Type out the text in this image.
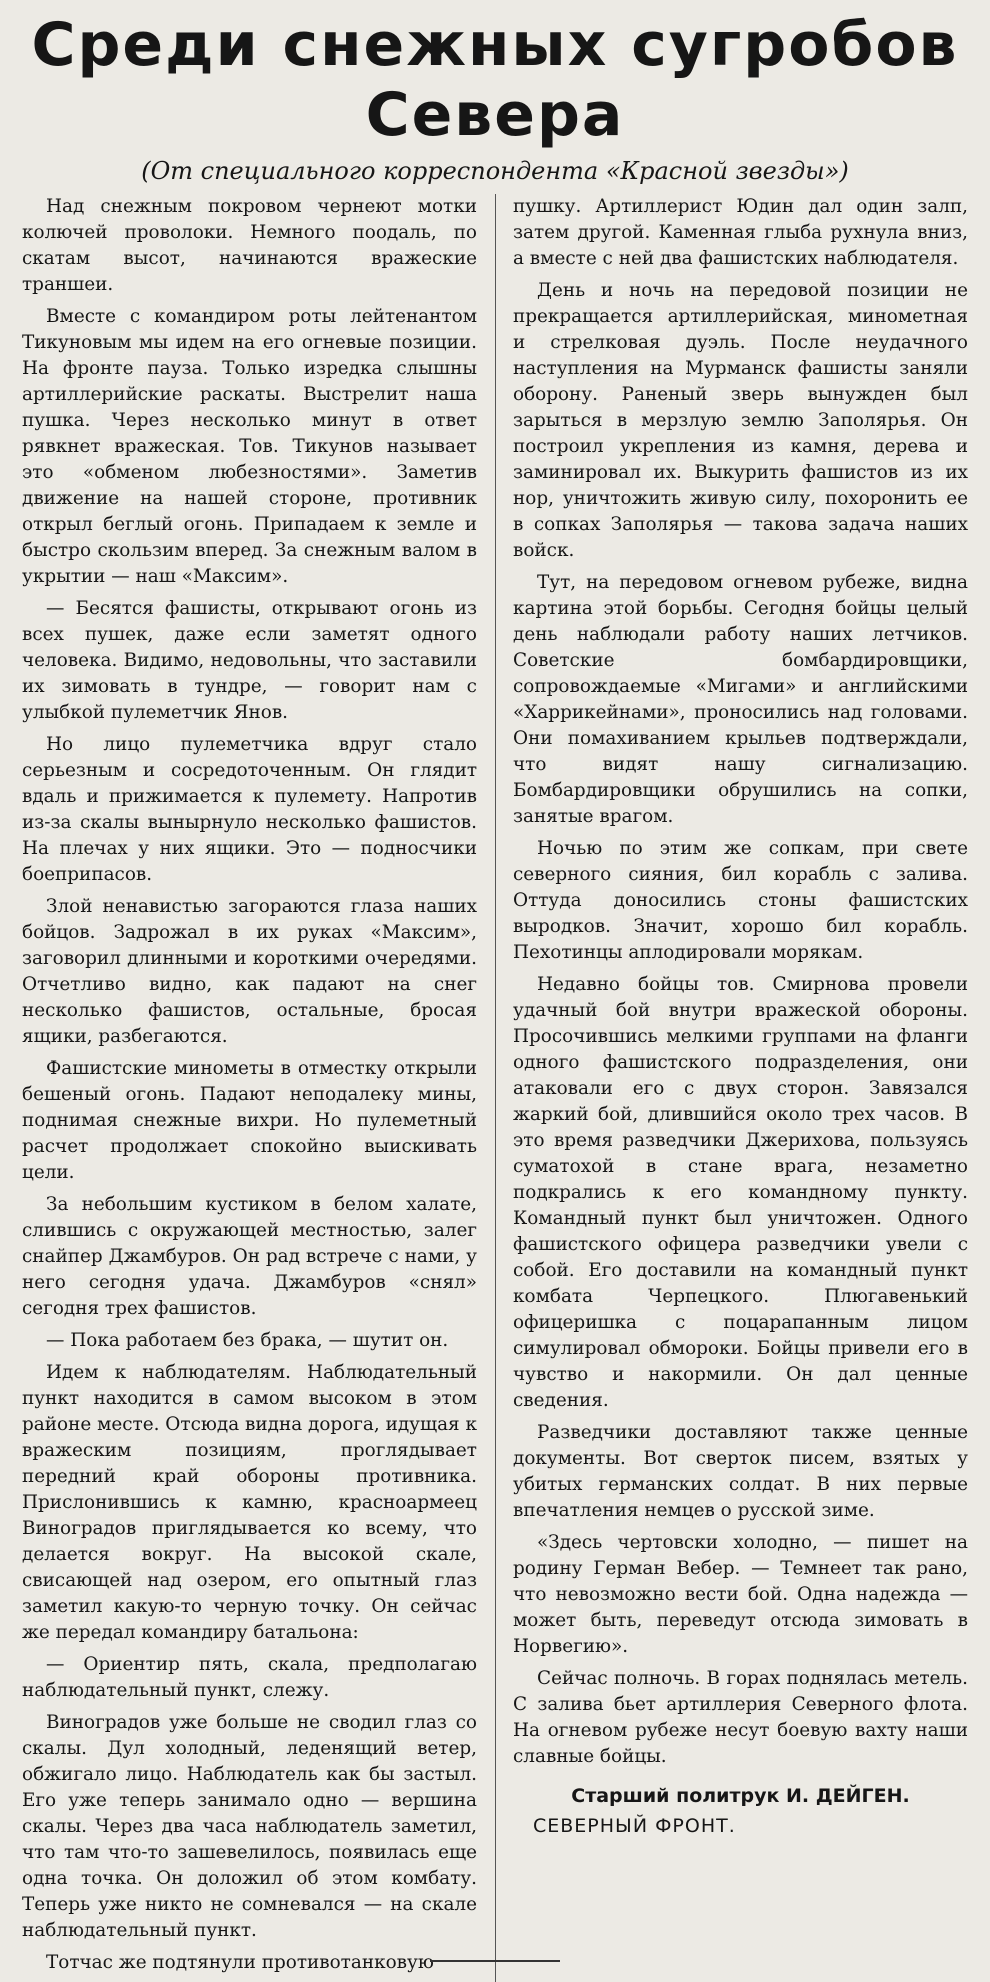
Среди снежных сугробов
Севера
(От специального корреспондента «Красной звезды»)

Над снежным покровом чернеют мотки колючей проволоки. Немного поодаль, по скатам высот, начинаются вражеские траншеи.

Вместе с командиром роты лейтенантом Тикуновым мы идем на его огневые позиции. На фронте пауза. Только изредка слышны артиллерийские раскаты. Выстрелит наша пушка. Через несколько минут в ответ рявкнет вражеская. Тов. Тикунов называет это «обменом любезностями». Заметив движение на нашей стороне, противник открыл беглый огонь. Припадаем к земле и быстро скользим вперед. За снежным валом в укрытии — наш «Максим».

— Бесятся фашисты, открывают огонь из всех пушек, даже если заметят одного человека. Видимо, недовольны, что заставили их зимовать в тундре, — говорит нам с улыбкой пулеметчик Янов.

Но лицо пулеметчика вдруг стало серьезным и сосредоточенным. Он глядит вдаль и прижимается к пулемету. Напротив из-за скалы вынырнуло несколько фашистов. На плечах у них ящики. Это — подносчики боеприпасов.

Злой ненавистью загораются глаза наших бойцов. Задрожал в их руках «Максим», заговорил длинными и короткими очередями. Отчетливо видно, как падают на снег несколько фашистов, остальные, бросая ящики, разбегаются.

Фашистские минометы в отместку открыли бешеный огонь. Падают неподалеку мины, поднимая снежные вихри. Но пулеметный расчет продолжает спокойно выискивать цели.

За небольшим кустиком в белом халате, слившись с окружающей местностью, залег снайпер Джамбуров. Он рад встрече с нами, у него сегодня удача. Джамбуров «снял» сегодня трех фашистов.

— Пока работаем без брака, — шутит он.

Идем к наблюдателям. Наблюдательный пункт находится в самом высоком в этом районе месте. Отсюда видна дорога, идущая к вражеским позициям, проглядывает передний край обороны противника. Прислонившись к камню, красноармеец Виноградов приглядывается ко всему, что делается вокруг. На высокой скале, свисающей над озером, его опытный глаз заметил какую-то черную точку. Он сейчас же передал командиру батальона:

— Ориентир пять, скала, предполагаю наблюдательный пункт, слежу.

Виноградов уже больше не сводил глаз со скалы. Дул холодный, леденящий ветер, обжигало лицо. Наблюдатель как бы застыл. Его уже теперь занимало одно — вершина скалы. Через два часа наблюдатель заметил, что там что-то зашевелилось, появилась еще одна точка. Он доложил об этом комбату. Теперь уже никто не сомневался — на скале наблюдательный пункт.

Тотчас же подтянули противотанковую

пушку. Артиллерист Юдин дал один залп, затем другой. Каменная глыба рухнула вниз, а вместе с ней два фашистских наблюдателя.

День и ночь на передовой позиции не прекращается артиллерийская, минометная и стрелковая дуэль. После неудачного наступления на Мурманск фашисты заняли оборону. Раненый зверь вынужден был зарыться в мерзлую землю Заполярья. Он построил укрепления из камня, дерева и заминировал их. Выкурить фашистов из их нор, уничтожить живую силу, похоронить ее в сопках Заполярья — такова задача наших войск.

Тут, на передовом огневом рубеже, видна картина этой борьбы. Сегодня бойцы целый день наблюдали работу наших летчиков. Советские бомбардировщики, сопровождаемые «Мигами» и английскими «Харрикейнами», проносились над головами. Они помахиванием крыльев подтверждали, что видят нашу сигнализацию. Бомбардировщики обрушились на сопки, занятые врагом.

Ночью по этим же сопкам, при свете северного сияния, бил корабль с залива. Оттуда доносились стоны фашистских выродков. Значит, хорошо бил корабль. Пехотинцы аплодировали морякам.

Недавно бойцы тов. Смирнова провели удачный бой внутри вражеской обороны. Просочившись мелкими группами на фланги одного фашистского подразделения, они атаковали его с двух сторон. Завязался жаркий бой, длившийся около трех часов. В это время разведчики Джерихова, пользуясь суматохой в стане врага, незаметно подкрались к его командному пункту. Командный пункт был уничтожен. Одного фашистского офицера разведчики увели с собой. Его доставили на командный пункт комбата Черпецкого. Плюгавенький офицеришка с поцарапанным лицом симулировал обмороки. Бойцы привели его в чувство и накормили. Он дал ценные сведения.

Разведчики доставляют также ценные документы. Вот сверток писем, взятых у убитых германских солдат. В них первые впечатления немцев о русской зиме.

«Здесь чертовски холодно, — пишет на родину Герман Вебер. — Темнеет так рано, что невозможно вести бой. Одна надежда — может быть, переведут отсюда зимовать в Норвегию».

Сейчас полночь. В горах поднялась метель. С залива бьет артиллерия Северного флота. На огневом рубеже несут боевую вахту наши славные бойцы.

Старший политрук И. ДЕЙГЕН.
СЕВЕРНЫЙ ФРОНТ.
